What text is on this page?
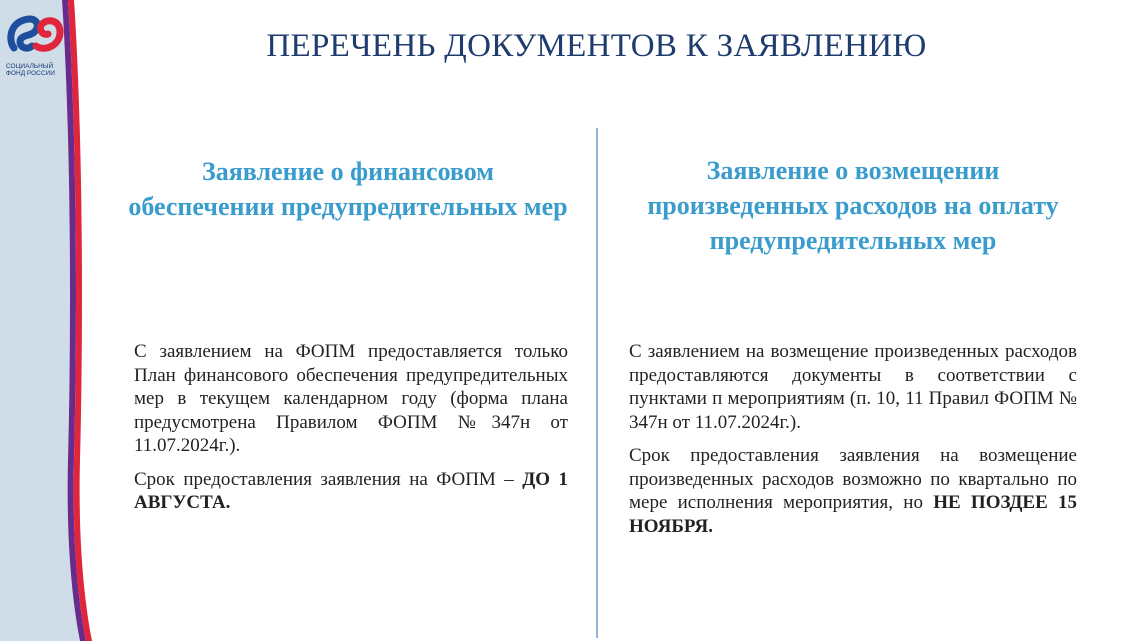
СОЦИАЛЬНЫЙ
ФОНД РОССИИ
ПЕРЕЧЕНЬ ДОКУМЕНТОВ К ЗАЯВЛЕНИЮ
Заявление о финансовом обеспечении предупредительных мер
Заявление о возмещении произведенных расходов на оплату предупредительных мер

С заявлением на ФОПМ предоставляется только План финансового обеспечения предупредительных мер в текущем календарном году (форма плана предусмотрена Правилом ФОПМ №347н от 11.07.2024г.).

Срок предоставления заявления на ФОПМ – ДО 1 АВГУСТА.

С заявлением на возмещение произведенных расходов предоставляются документы в соответствии с пунктами п мероприятиям (п. 10, 11 Правил ФОПМ № 347н от 11.07.2024г.).

Срок предоставления заявления на возмещение произведенных расходов возможно по квартально по мере исполнения мероприятия, но НЕ ПОЗДЕЕ 15 НОЯБРЯ.
